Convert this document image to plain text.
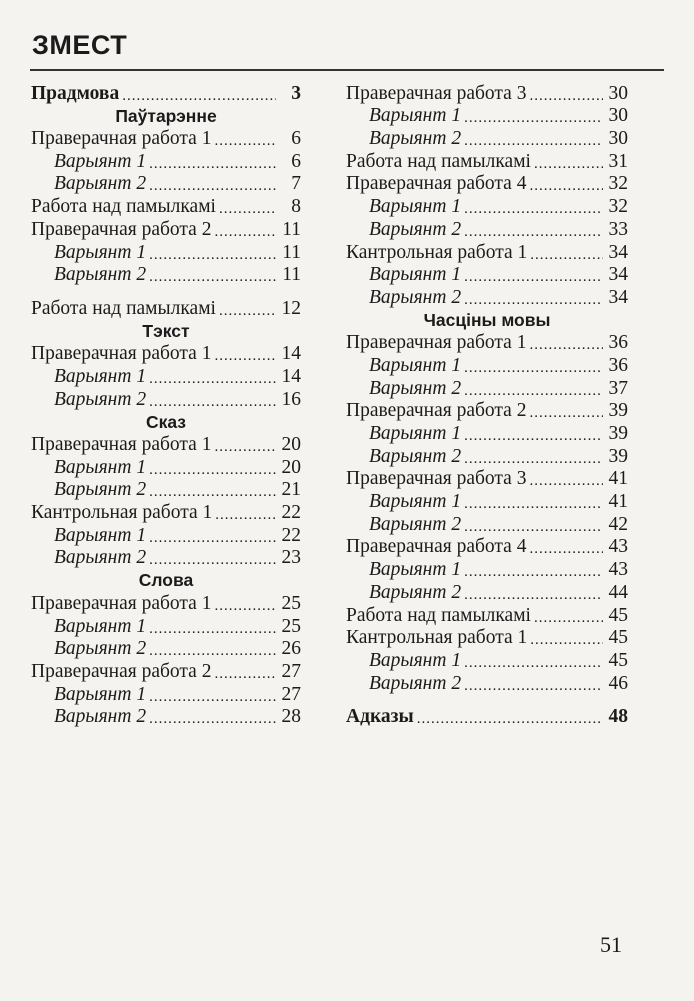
ЗМЕСТ
Прадмова .....	3
Паўтарэнне
Праверачная работа 1 .....	6
Варыянт 1 .....	6
Варыянт 2 .....	7
Работа над памылкамі .....	8
Праверачная работа 2 .....	11
Варыянт 1 .....	11
Варыянт 2 .....	11
Работа над памылкамі .....	12
Тэкст
Праверачная работа 1 .....	14
Варыянт 1 .....	14
Варыянт 2 .....	16
Сказ
Праверачная работа 1 .....	20
Варыянт 1 .....	20
Варыянт 2 .....	21
Кантрольная работа 1 .....	22
Варыянт 1 .....	22
Варыянт 2 .....	23
Слова
Праверачная работа 1 .....	25
Варыянт 1 .....	25
Варыянт 2 .....	26
Праверачная работа 2 .....	27
Варыянт 1 .....	27
Варыянт 2 .....	28
Праверачная работа 3 .....	30
Варыянт 1 .....	30
Варыянт 2 .....	30
Работа над памылкамі .....	31
Праверачная работа 4 .....	32
Варыянт 1 .....	32
Варыянт 2 .....	33
Кантрольная работа 1 .....	34
Варыянт 1 .....	34
Варыянт 2 .....	34
Часціны мовы
Праверачная работа 1 .....	36
Варыянт 1 .....	36
Варыянт 2 .....	37
Праверачная работа 2 .....	39
Варыянт 1 .....	39
Варыянт 2 .....	39
Праверачная работа 3 .....	41
Варыянт 1 .....	41
Варыянт 2 .....	42
Праверачная работа 4 .....	43
Варыянт 1 .....	43
Варыянт 2 .....	44
Работа над памылкамі .....	45
Кантрольная работа 1 .....	45
Варыянт 1 .....	45
Варыянт 2 .....	46
Адказы .....	48
51
